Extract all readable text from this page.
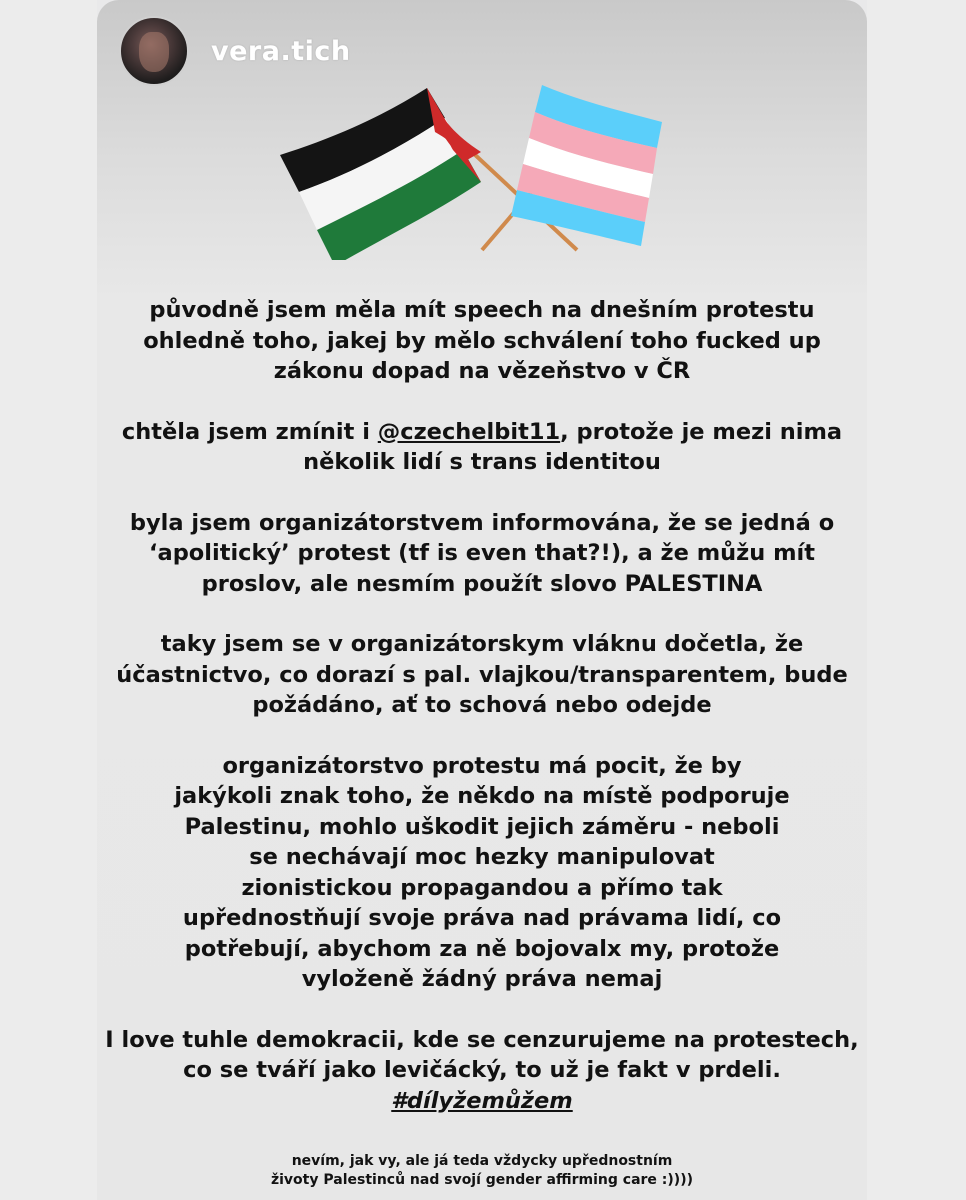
vera.tich
původně jsem měla mít speech na dnešním protestu
ohledně toho, jakej by mělo schválení toho fucked up
zákonu dopad na vězeňstvo v ČR
chtěla jsem zmínit i @czechelbit11, protože je mezi nima
několik lidí s trans identitou
byla jsem organizátorstvem informována, že se jedná o
‘apolitický’ protest (tf is even that?!), a že můžu mít
proslov, ale nesmím použít slovo PALESTINA
taky jsem se v organizátorskym vláknu dočetla, že
účastnictvo, co dorazí s pal. vlajkou/transparentem, bude
požádáno, ať to schová nebo odejde
organizátorstvo protestu má pocit, že by
jakýkoli znak toho, že někdo na místě podporuje
Palestinu, mohlo uškodit jejich záměru - neboli
se nechávají moc hezky manipulovat
zionistickou propagandou a přímo tak
upřednostňují svoje práva nad právama lidí, co
potřebují, abychom za ně bojovalx my, protože
vyloženě žádný práva nemaj
I love tuhle demokracii, kde se cenzurujeme na protestech,
co se tváří jako levičácký, to už je fakt v prdeli.
#dílyžemůžem
nevím, jak vy, ale já teda vždycky upřednostním
životy Palestinců nad svojí gender affirming care :))))
